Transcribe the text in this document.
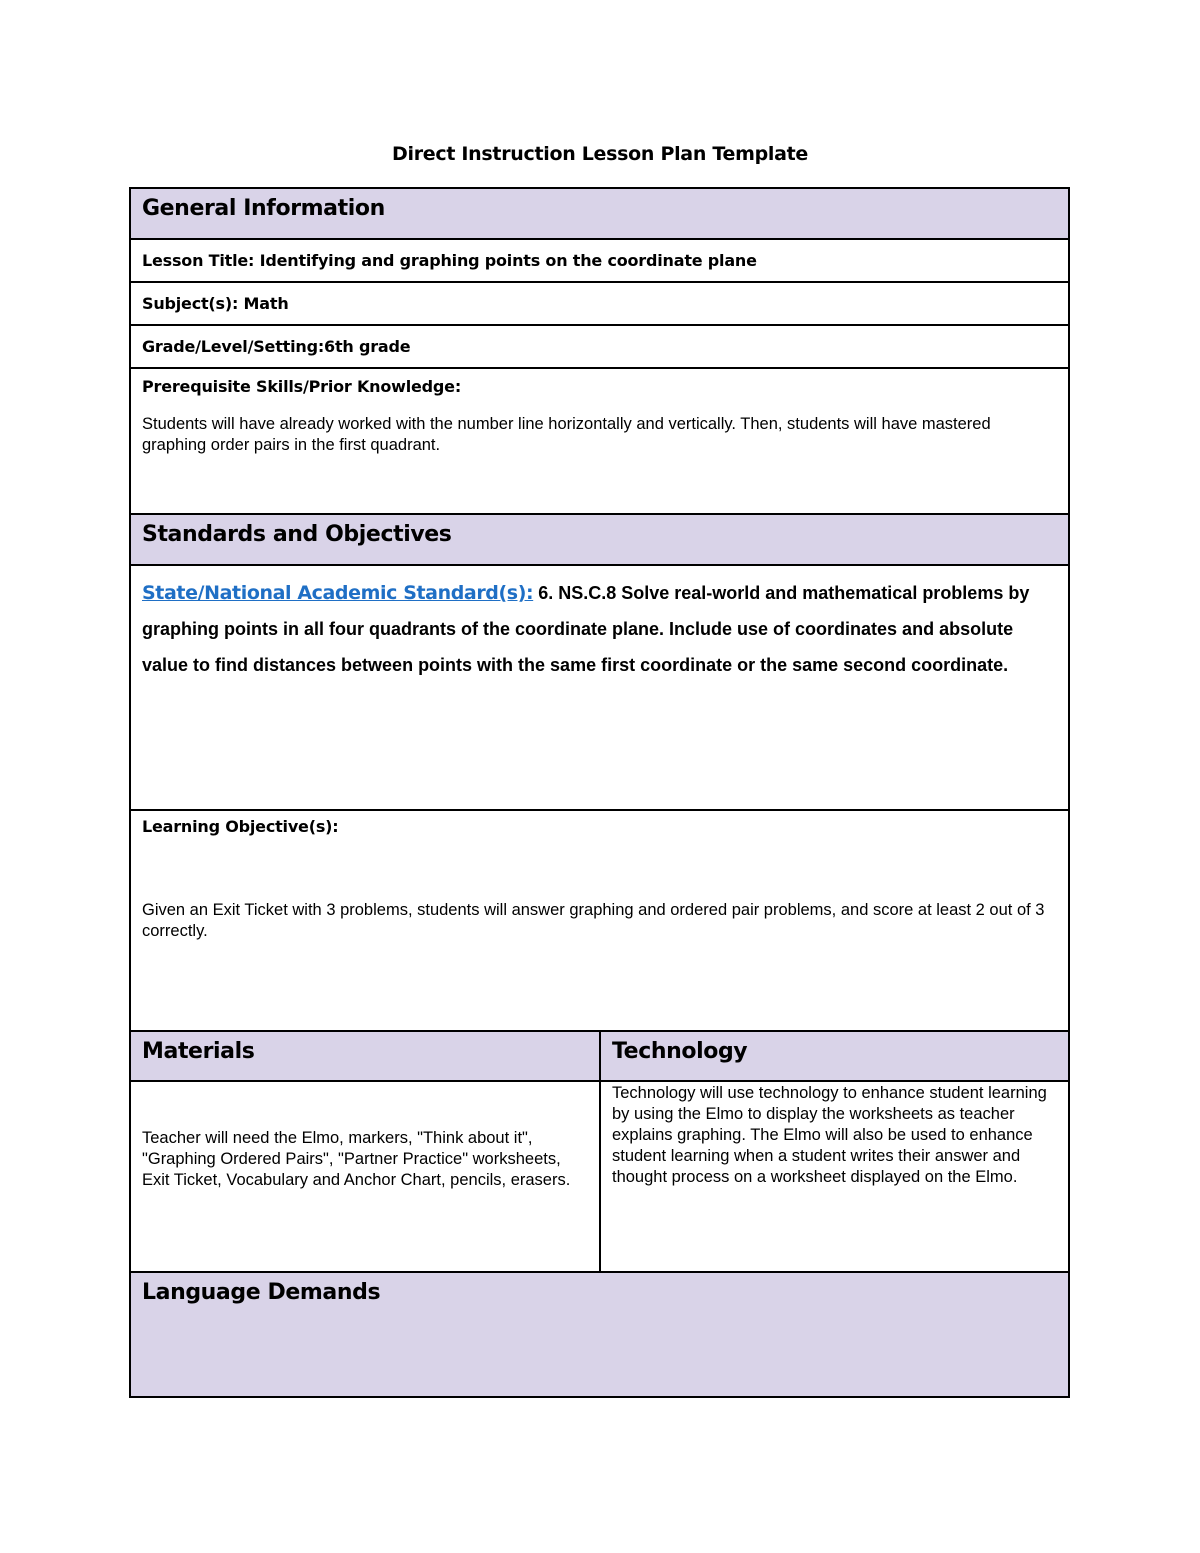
Direct Instruction Lesson Plan Template
General Information
Lesson Title: Identifying and graphing points on the coordinate plane
Subject(s): Math
Grade/Level/Setting:6th grade
Prerequisite Skills/Prior Knowledge:
Students will have already worked with the number line horizontally and vertically. Then, students will have mastered graphing order pairs in the first quadrant.
Standards and Objectives
State/National Academic Standard(s): 6. NS.C.8 Solve real-world and mathematical problems by graphing points in all four quadrants of the coordinate plane. Include use of coordinates and absolute value to find distances between points with the same first coordinate or the same second coordinate.
Learning Objective(s):
Given an Exit Ticket with 3 problems, students will answer graphing and ordered pair problems, and score at least 2 out of 3 correctly.
Materials	Technology
Teacher will need the Elmo, markers, "Think about it", "Graphing Ordered Pairs", "Partner Practice" worksheets, Exit Ticket, Vocabulary and Anchor Chart, pencils, erasers.
Technology will use technology to enhance student learning by using the Elmo to display the worksheets as teacher explains graphing. The Elmo will also be used to enhance student learning when a student writes their answer and thought process on a worksheet displayed on the Elmo.
Language Demands
